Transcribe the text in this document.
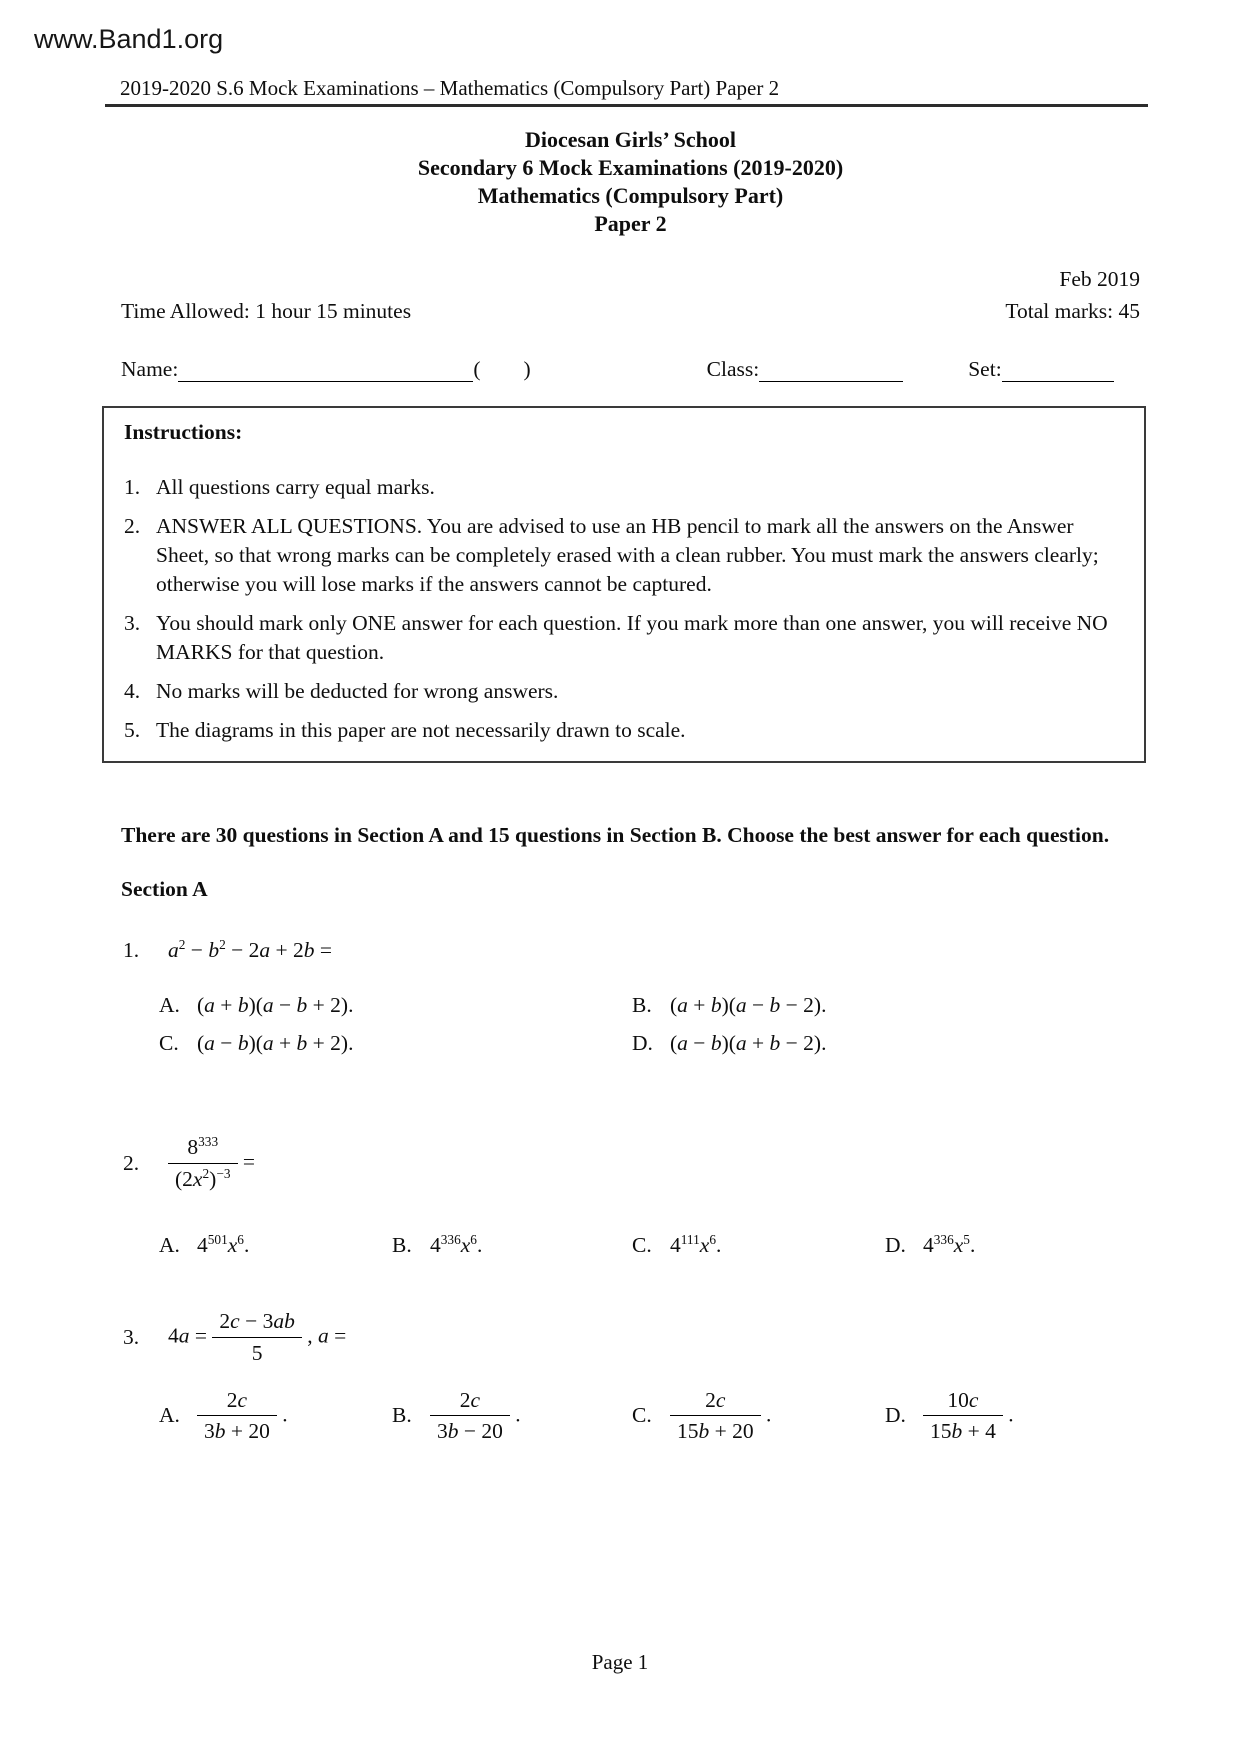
www.Band1.org
2019-2020 S.6 Mock Examinations – Mathematics (Compulsory Part) Paper 2
Diocesan Girls’ School
Secondary 6 Mock Examinations (2019-2020)
Mathematics (Compulsory Part)
Paper 2
Feb 2019
Time Allowed: 1 hour 15 minutes	Total marks: 45
Name:	(    )	Class:	Set:
Instructions:
1. All questions carry equal marks.
2. ANSWER ALL QUESTIONS. You are advised to use an HB pencil to mark all the answers on the Answer Sheet, so that wrong marks can be completely erased with a clean rubber. You must mark the answers clearly; otherwise you will lose marks if the answers cannot be captured.
3. You should mark only ONE answer for each question. If you mark more than one answer, you will receive NO MARKS for that question.
4. No marks will be deducted for wrong answers.
5. The diagrams in this paper are not necessarily drawn to scale.
There are 30 questions in Section A and 15 questions in Section B. Choose the best answer for each question.
Section A
1.	$a^2 - b^2 - 2a + 2b$ =
A. (a + b)(a − b + 2).	B. (a + b)(a − b − 2).
C. (a − b)(a + b + 2).	D. (a − b)(a + b − 2).
2.	$\frac{8^{333}}{(2x^2)^{-3}}$ =
A. $4^{501}x^6$.	B. $4^{336}x^6$.	C. $4^{111}x^6$.	D. $4^{336}x^5$.
3.	$4a = \frac{2c - 3ab}{5}$ , a =
A. $\frac{2c}{3b + 20}$ .	B. $\frac{2c}{3b - 20}$ .	C. $\frac{2c}{15b + 20}$ .	D. $\frac{10c}{15b + 4}$ .
Page 1
